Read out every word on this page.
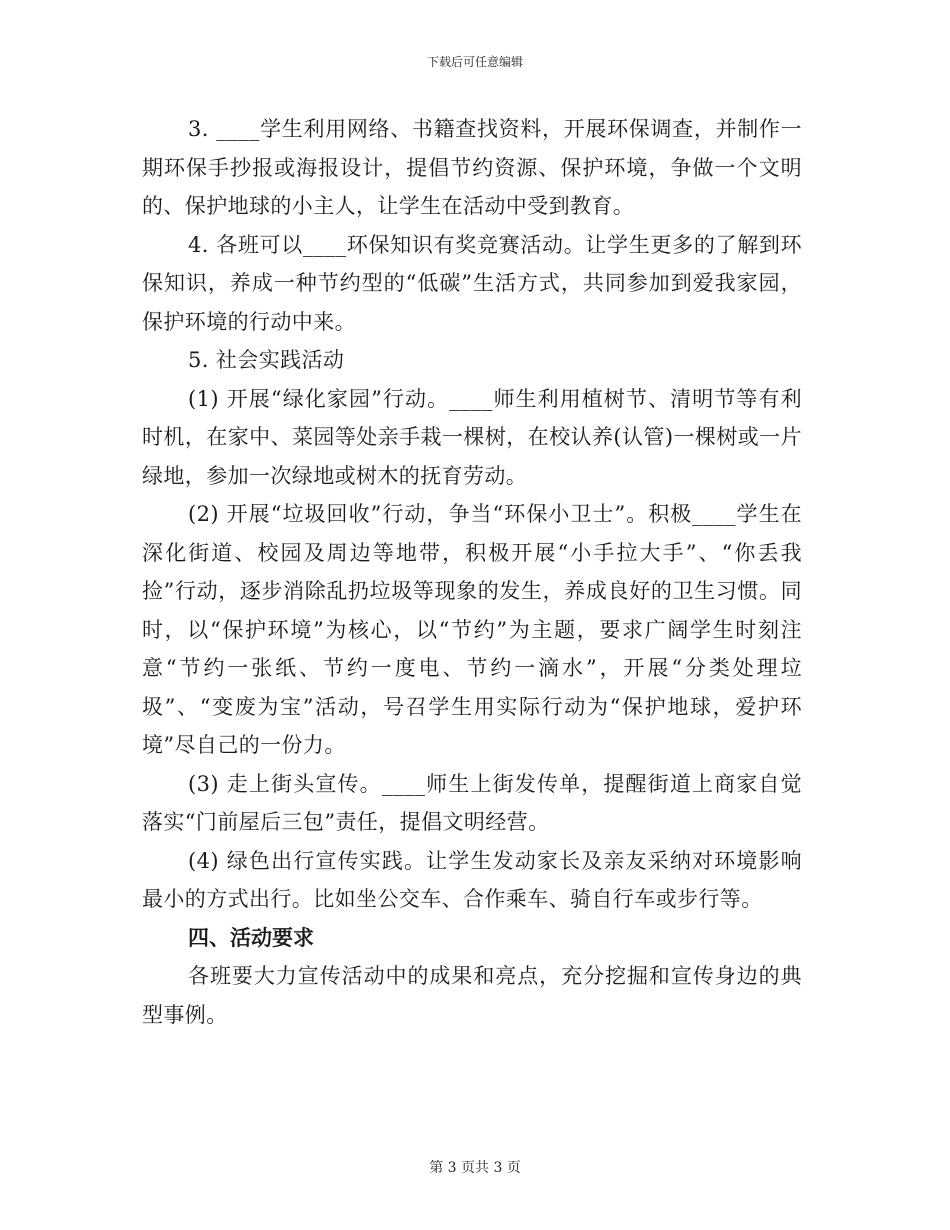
下载后可任意编辑

3. ____学生利用网络、书籍查找资料，开展环保调查，并制作一期环保手抄报或海报设计，提倡节约资源、保护环境，争做一个文明的、保护地球的小主人，让学生在活动中受到教育。

4. 各班可以____环保知识有奖竞赛活动。让学生更多的了解到环保知识，养成一种节约型的“低碳”生活方式，共同参加到爱我家园，保护环境的行动中来。

5. 社会实践活动

(1) 开展“绿化家园”行动。____师生利用植树节、清明节等有利时机，在家中、菜园等处亲手栽一棵树，在校认养(认管)一棵树或一片绿地，参加一次绿地或树木的抚育劳动。

(2) 开展“垃圾回收”行动，争当“环保小卫士”。积极____学生在深化街道、校园及周边等地带，积极开展“小手拉大手”、“你丢我捡”行动，逐步消除乱扔垃圾等现象的发生，养成良好的卫生习惯。同时，以“保护环境”为核心，以“节约”为主题，要求广阔学生时刻注意“节约一张纸、节约一度电、节约一滴水”，开展“分类处理垃圾”、“变废为宝”活动，号召学生用实际行动为“保护地球，爱护环境”尽自己的一份力。

(3) 走上街头宣传。____师生上街发传单，提醒街道上商家自觉落实“门前屋后三包”责任，提倡文明经营。

(4) 绿色出行宣传实践。让学生发动家长及亲友采纳对环境影响最小的方式出行。比如坐公交车、合作乘车、骑自行车或步行等。

四、活动要求

各班要大力宣传活动中的成果和亮点，充分挖掘和宣传身边的典型事例。

第 3 页共 3 页
